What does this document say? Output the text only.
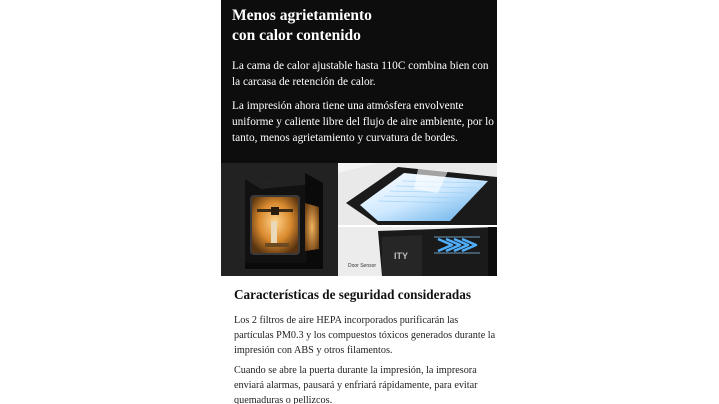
Menos agrietamiento
con calor contenido

La cama de calor ajustable hasta 110C combina bien con la carcasa de retención de calor.

La impresión ahora tiene una atmósfera envolvente uniforme y caliente libre del flujo de aire ambiente, por lo tanto, menos agrietamiento y curvatura de bordes.

ITY
Door Sensor
Características de seguridad consideradas

Los 2 filtros de aire HEPA incorporados purificarán las partículas PM0.3 y los compuestos tóxicos generados durante la impresión con ABS y otros filamentos.

Cuando se abre la puerta durante la impresión, la impresora enviará alarmas, pausará y enfriará rápidamente, para evitar quemaduras o pellizcos.
